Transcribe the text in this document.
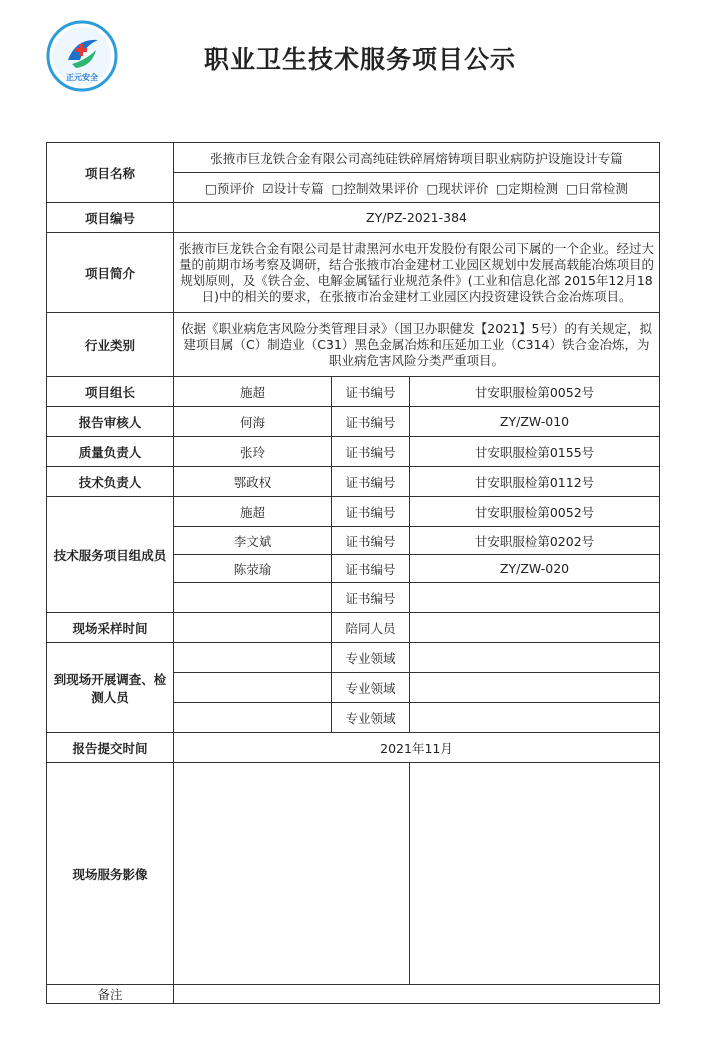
正元安全
职业卫生技术服务项目公示
项目名称	张掖市巨龙铁合金有限公司高纯硅铁碎屑熔铸项目职业病防护设施设计专篇		
	□预评价 ☑设计专篇 □控制效果评价 □现状评价 □定期检测 □日常检测		
项目编号	ZY/PZ-2021-384		
项目简介	张掖市巨龙铁合金有限公司是甘肃黑河水电开发股份有限公司下属的一个企业。经过大量的前期市场考察及调研，结合张掖市冶金建材工业园区规划中发展高载能冶炼项目的规划原则，及《铁合金、电解金属锰行业规范条件》(工业和信息化部 2015年12月18日)中的相关的要求，在张掖市冶金建材工业园区内投资建设铁合金冶炼项目。		
行业类别	依据《职业病危害风险分类管理目录》（国卫办职健发【2021】5号）的有关规定，拟建项目属（C）制造业（C31）黑色金属冶炼和压延加工业（C314）铁合金冶炼，为职业病危害风险分类严重项目。		
项目组长	施超	证书编号	甘安职服检第0052号
报告审核人	何海	证书编号	ZY/ZW-010
质量负责人	张玲	证书编号	甘安职服检第0155号
技术负责人	鄂政权	证书编号	甘安职服检第0112号
技术服务项目组成员	施超	证书编号	甘安职服检第0052号
	李文斌	证书编号	甘安职服检第0202号
	陈荥瑜	证书编号	ZY/ZW-020
		证书编号	
现场采样时间		陪同人员	
到现场开展调查、检测人员		专业领域	
		专业领域	
		专业领域	
报告提交时间	2021年11月		
现场服务影像			
备注			
